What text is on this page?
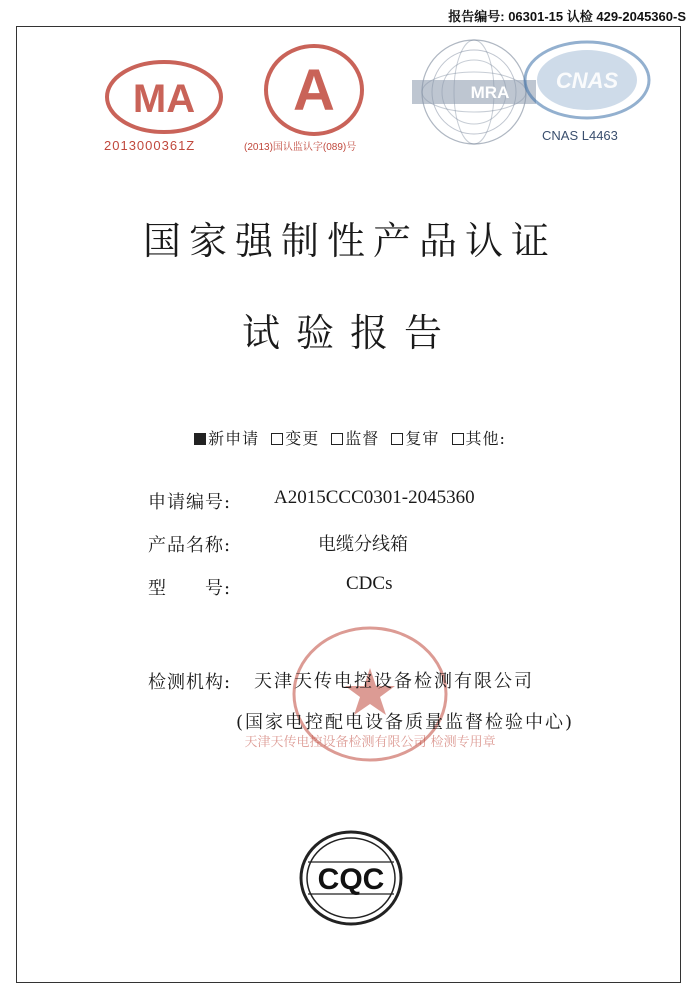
报告编号: 06301-15 认检 429-2045360-S
MA
2013000361Z
A
(2013)国认监认字(089)号
MRA CNAS
CNAS L4463
国家强制性产品认证
试验报告
新申请 变更 监督 复审 其他:
申请编号: A2015CCC0301-2045360
产品名称:	电缆分线箱
型　　号:	CDCs
天津天传电控设备检测有限公司 检测专用章
检测机构: 天津天传电控设备检测有限公司
(国家电控配电设备质量监督检验中心)
CQC
